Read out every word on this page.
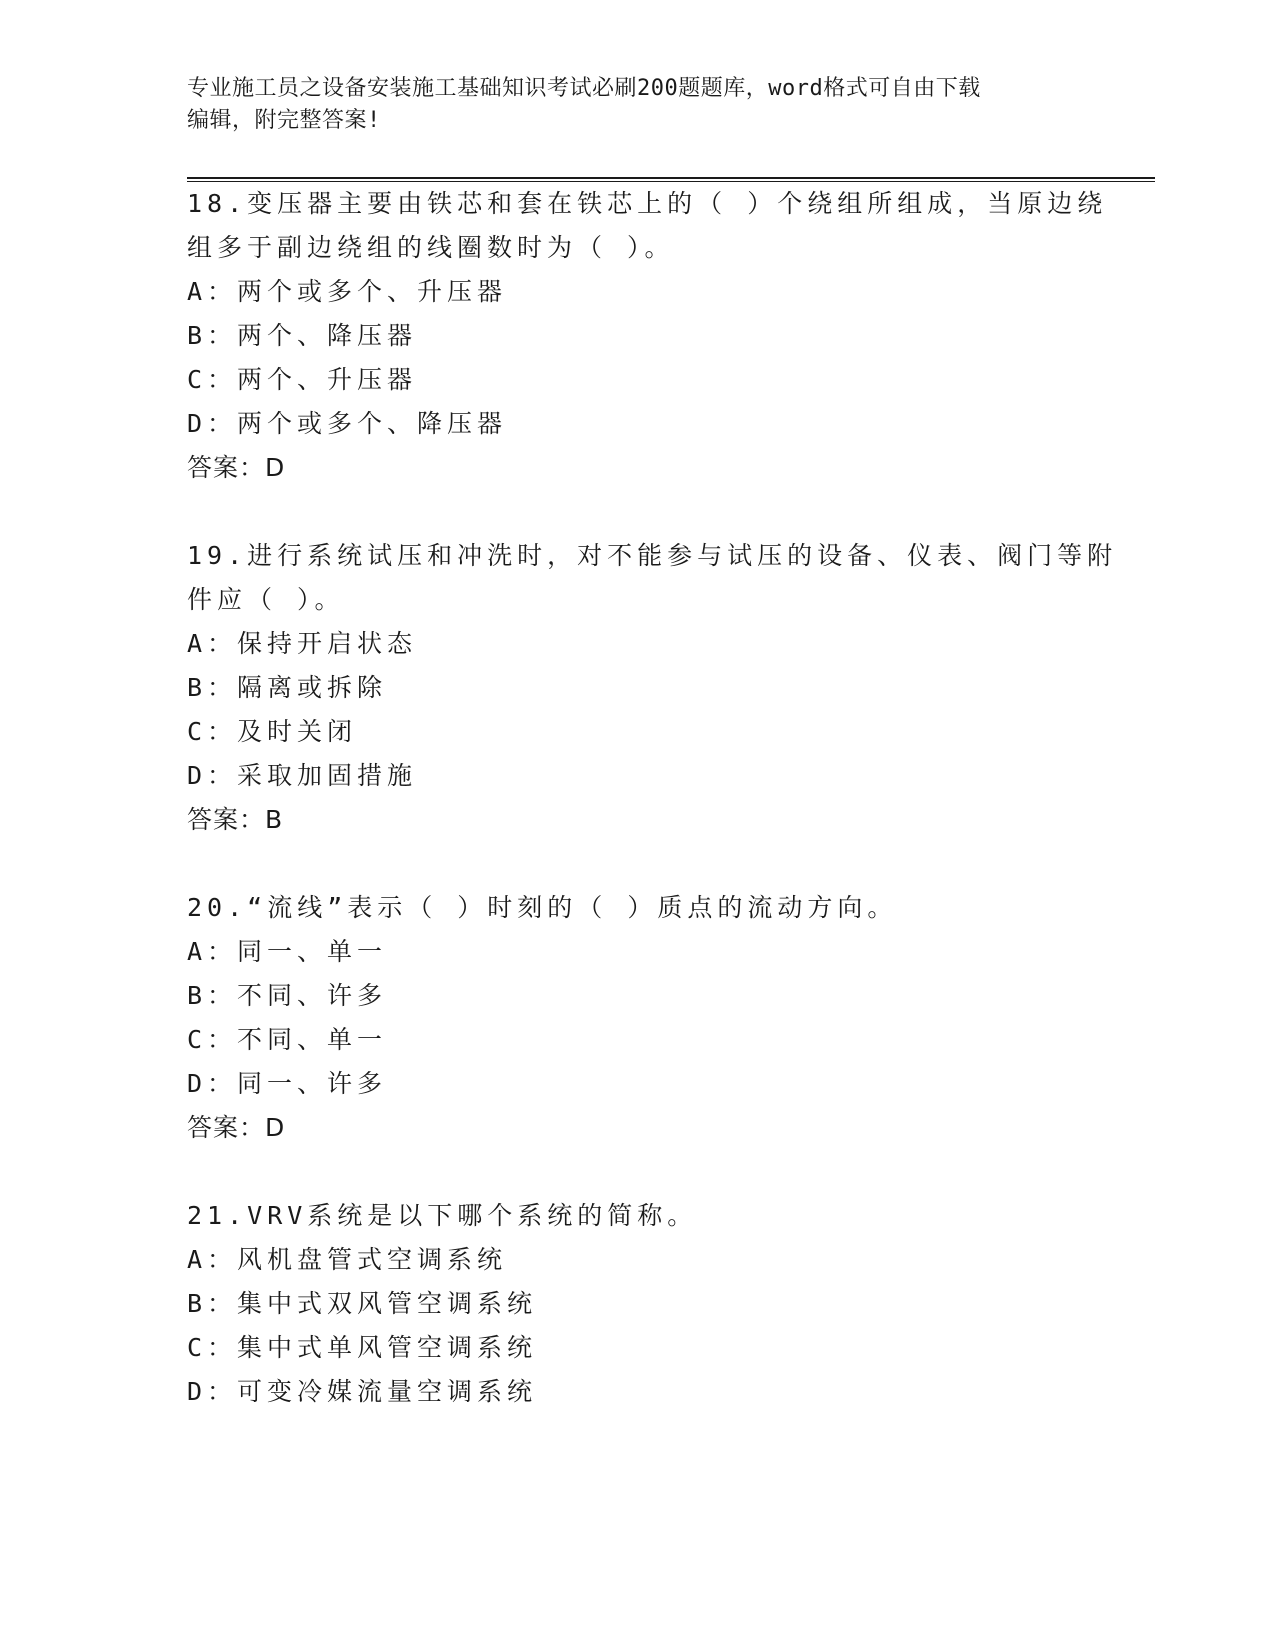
专业施工员之设备安装施工基础知识考试必刷200题题库，word格式可自由下载
编辑，附完整答案!
18.变压器主要由铁芯和套在铁芯上的（ ）个绕组所组成，当原边绕
组多于副边绕组的线圈数时为（ ）。
A：两个或多个、升压器
B：两个、降压器
C：两个、升压器
D：两个或多个、降压器
答案：D
19.进行系统试压和冲洗时，对不能参与试压的设备、仪表、阀门等附
件应（ ）。
A：保持开启状态
B：隔离或拆除
C：及时关闭
D：采取加固措施
答案：B
20.“流线”表示（ ）时刻的（ ）质点的流动方向。
A：同一、单一
B：不同、许多
C：不同、单一
D：同一、许多
答案：D
21.VRV系统是以下哪个系统的简称。
A：风机盘管式空调系统
B：集中式双风管空调系统
C：集中式单风管空调系统
D：可变冷媒流量空调系统
